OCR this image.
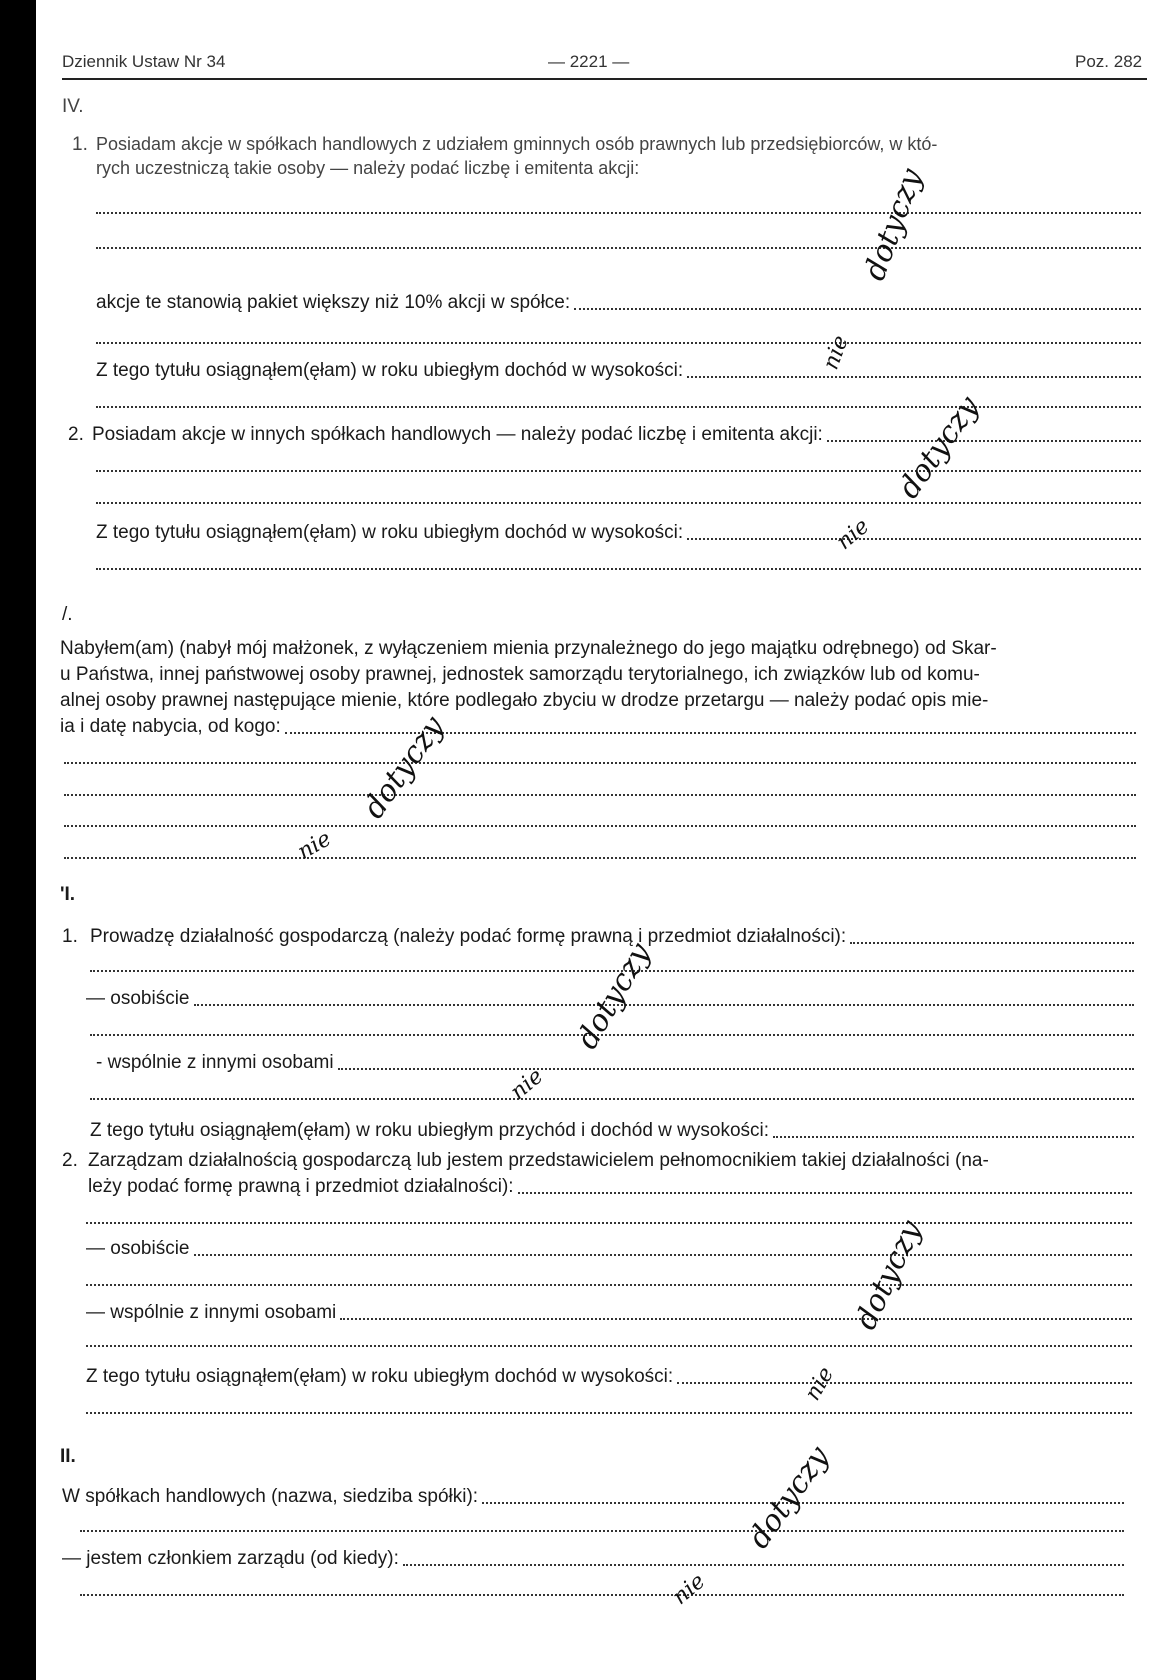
Dziennik Ustaw Nr 34	— 2221 —	Poz. 282
IV.
1. Posiadam akcje w spółkach handlowych z udziałem gminnych osób prawnych lub przedsiębiorców, w któ-
rych uczestniczą takie osoby — należy podać liczbę i emitenta akcji:
akcje te stanowią pakiet większy niż 10% akcji w spółce:
Z tego tytułu osiągnąłem(ęłam) w roku ubiegłym dochód w wysokości:
2. Posiadam akcje w innych spółkach handlowych — należy podać liczbę i emitenta akcji:
Z tego tytułu osiągnąłem(ęłam) w roku ubiegłym dochód w wysokości:
/.
Nabyłem(am) (nabył mój małżonek, z wyłączeniem mienia przynależnego do jego majątku odrębnego) od Skar-
u Państwa, innej państwowej osoby prawnej, jednostek samorządu terytorialnego, ich związków lub od komu-
alnej osoby prawnej następujące mienie, które podlegało zbyciu w drodze przetargu — należy podać opis mie-
ia i datę nabycia, od kogo:
'I.
1. Prowadzę działalność gospodarczą (należy podać formę prawną i przedmiot działalności):
— osobiście
- wspólnie z innymi osobami
Z tego tytułu osiągnąłem(ęłam) w roku ubiegłym przychód i dochód w wysokości:
2. Zarządzam działalnością gospodarczą lub jestem przedstawicielem pełnomocnikiem takiej działalności (na-
leży podać formę prawną i przedmiot działalności):
— osobiście
— wspólnie z innymi osobami
Z tego tytułu osiągnąłem(ęłam) w roku ubiegłym dochód w wysokości:
II.
W spółkach handlowych (nazwa, siedziba spółki):
— jestem członkiem zarządu (od kiedy):
dotyczy
nie
dotyczy
nie
dotyczy
nie
dotyczy
nie
dotyczy
nie
dotyczy
nie
